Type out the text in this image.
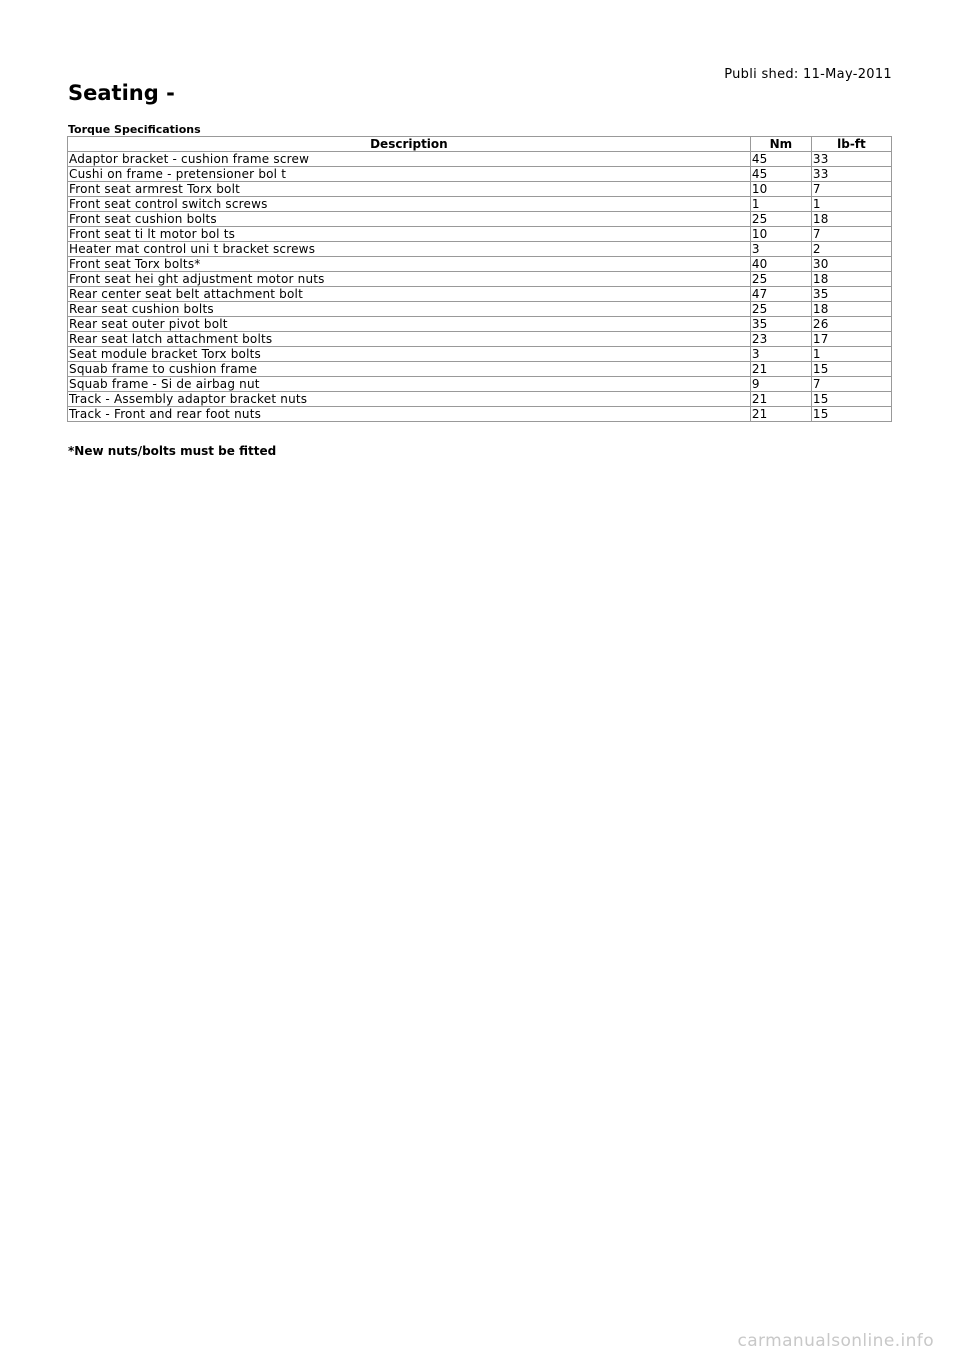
Publi shed: 11-May-2011
Seating -
Torque Specifications
Description	Nm	lb-ft
Adaptor bracket - cushion frame screw	45	33
Cushi on frame - pretensioner bol t	45	33
Front seat armrest Torx bolt	10	7
Front seat control switch screws	1	1
Front seat cushion bolts	25	18
Front seat ti lt motor bol ts	10	7
Heater mat control uni t bracket screws	3	2
Front seat Torx bolts*	40	30
Front seat hei ght adjustment motor nuts	25	18
Rear center seat belt attachment bolt	47	35
Rear seat cushion bolts	25	18
Rear seat outer pivot bolt	35	26
Rear seat latch attachment bolts	23	17
Seat module bracket Torx bolts	3	1
Squab frame to cushion frame	21	15
Squab frame - Si de airbag nut	9	7
Track - Assembly adaptor bracket nuts	21	15
Track - Front and rear foot nuts	21	15

*New nuts/bolts must be fitted

carmanualsonline.info
